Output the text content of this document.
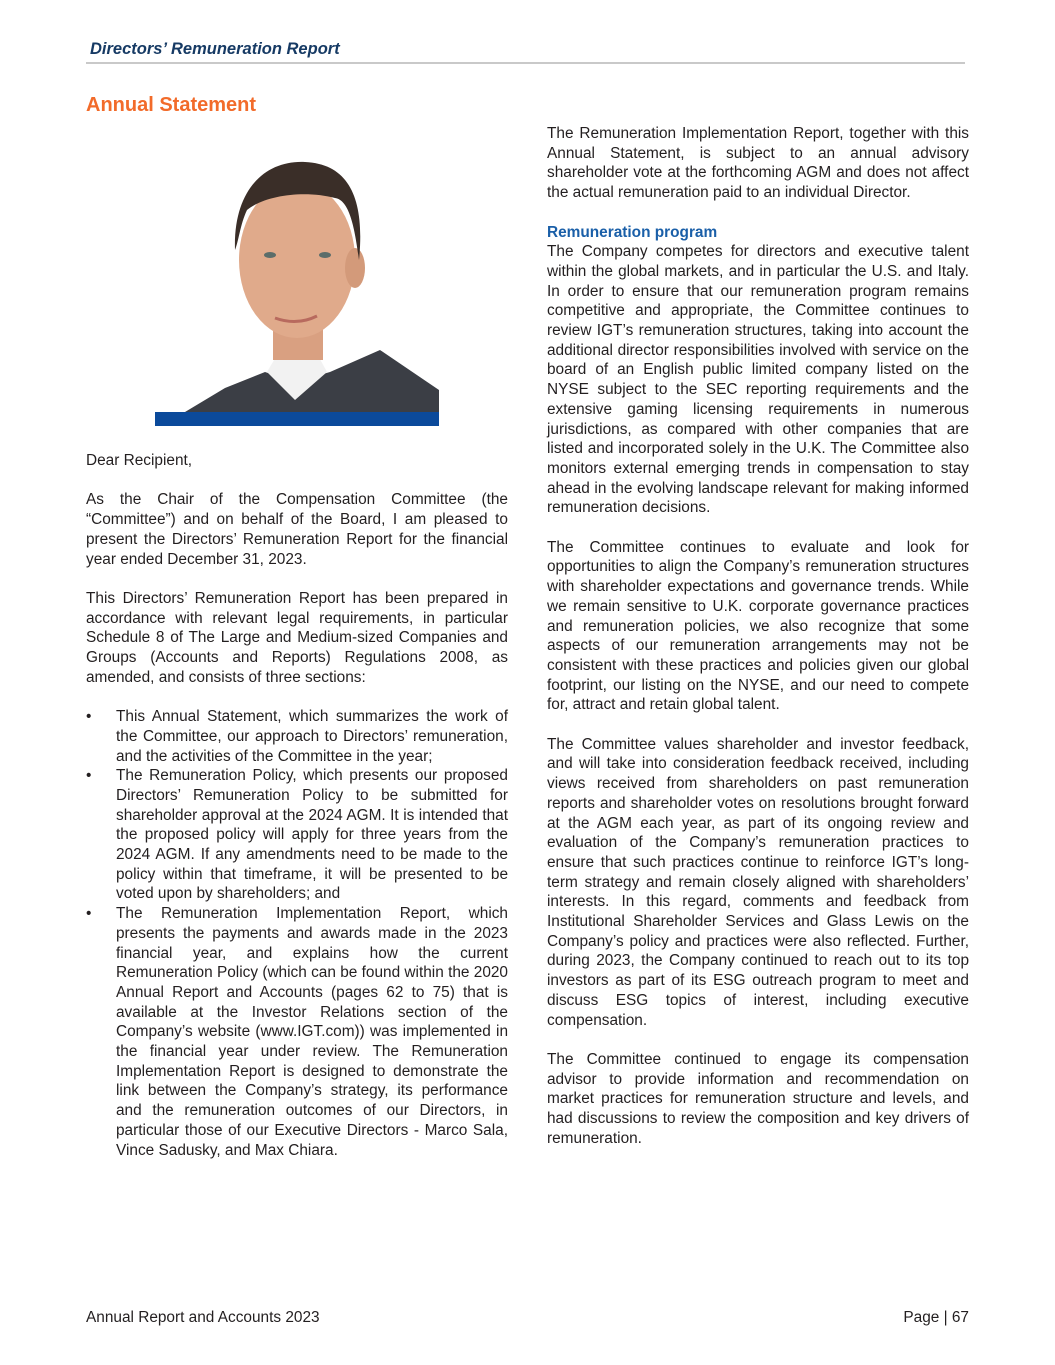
Directors’ Remuneration Report
Annual Statement

Dear Recipient,

As the Chair of the Compensation Committee (the “Committee”) and on behalf of the Board, I am pleased to present the Directors’ Remuneration Report for the financial year ended December 31, 2023.

This Directors’ Remuneration Report has been prepared in accordance with relevant legal requirements, in particular Schedule 8 of The Large and Medium-sized Companies and Groups (Accounts and Reports) Regulations 2008, as amended, and consists of three sections:

• This Annual Statement, which summarizes the work of the Committee, our approach to Directors’ remuneration, and the activities of the Committee in the year;
• The Remuneration Policy, which presents our proposed Directors’ Remuneration Policy to be submitted for shareholder approval at the 2024 AGM. It is intended that the proposed policy will apply for three years from the 2024 AGM. If any amendments need to be made to the policy within that timeframe, it will be presented to be voted upon by shareholders; and
• The Remuneration Implementation Report, which presents the payments and awards made in the 2023 financial year, and explains how the current Remuneration Policy (which can be found within the 2020 Annual Report and Accounts (pages 62 to 75) that is available at the Investor Relations section of the Company’s website (www.IGT.com)) was implemented in the financial year under review. The Remuneration Implementation Report is designed to demonstrate the link between the Company’s strategy, its performance and the remuneration outcomes of our Directors, in particular those of our Executive Directors - Marco Sala, Vince Sadusky, and Max Chiara.

The Remuneration Implementation Report, together with this Annual Statement, is subject to an annual advisory shareholder vote at the forthcoming AGM and does not affect the actual remuneration paid to an individual Director.

Remuneration program

The Company competes for directors and executive talent within the global markets, and in particular the U.S. and Italy. In order to ensure that our remuneration program remains competitive and appropriate, the Committee continues to review IGT’s remuneration structures, taking into account the additional director responsibilities involved with service on the board of an English public limited company listed on the NYSE subject to the SEC reporting requirements and the extensive gaming licensing requirements in numerous jurisdictions, as compared with other companies that are listed and incorporated solely in the U.K. The Committee also monitors external emerging trends in compensation to stay ahead in the evolving landscape relevant for making informed remuneration decisions.

The Committee continues to evaluate and look for opportunities to align the Company’s remuneration structures with shareholder expectations and governance trends. While we remain sensitive to U.K. corporate governance practices and remuneration policies, we also recognize that some aspects of our remuneration arrangements may not be consistent with these practices and policies given our global footprint, our listing on the NYSE, and our need to compete for, attract and retain global talent.

The Committee values shareholder and investor feedback, and will take into consideration feedback received, including views received from shareholders on past remuneration reports and shareholder votes on resolutions brought forward at the AGM each year, as part of its ongoing review and evaluation of the Company’s remuneration practices to ensure that such practices continue to reinforce IGT’s long-term strategy and remain closely aligned with shareholders’ interests. In this regard, comments and feedback from Institutional Shareholder Services and Glass Lewis on the Company’s policy and practices were also reflected. Further, during 2023, the Company continued to reach out to its top investors as part of its ESG outreach program to meet and discuss ESG topics of interest, including executive compensation.

The Committee continued to engage its compensation advisor to provide information and recommendation on market practices for remuneration structure and levels, and had discussions to review the composition and key drivers of remuneration.

Annual Report and Accounts 2023	Page | 67
